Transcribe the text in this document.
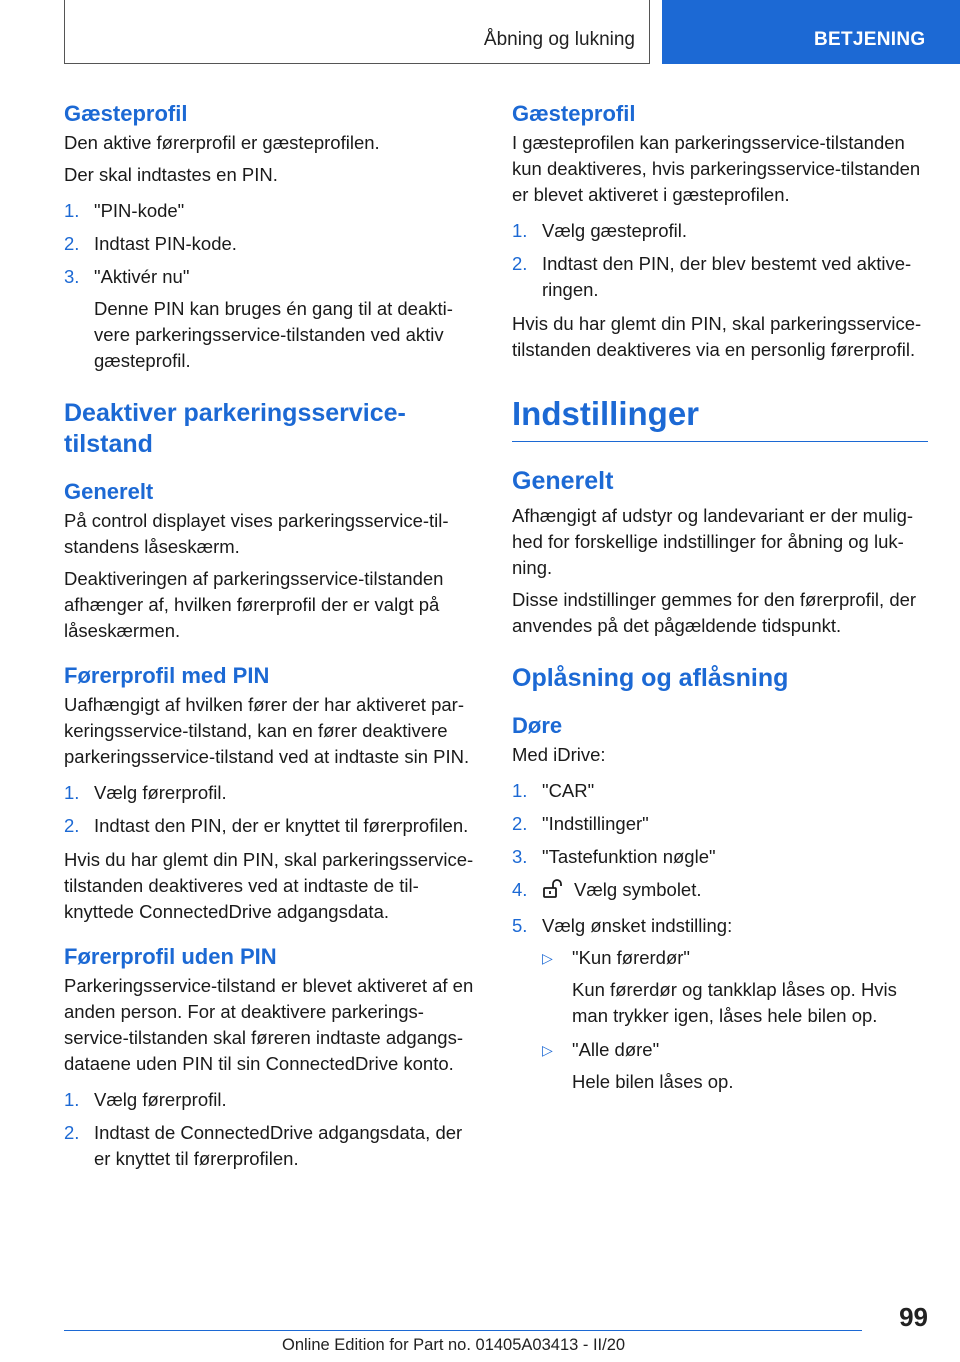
Åbning og lukning	BETJENING
Gæsteprofil

Den aktive førerprofil er gæsteprofilen.

Der skal indtastes en PIN.

1. "PIN-kode"
2. Indtast PIN-kode.
3. "Aktivér nu"
Denne PIN kan bruges én gang til at deaktivere parkeringsservice-tilstanden ved aktiv gæsteprofil.
Deaktiver parkeringsservice-tilstand
Generelt

På control displayet vises parkeringsservice-tilstandens låseskærm.

Deaktiveringen af parkeringsservice-tilstanden afhænger af, hvilken førerprofil der er valgt på låseskærmen.

Førerprofil med PIN

Uafhængigt af hvilken fører der har aktiveret parkeringsservice-tilstand, kan en fører deaktivere parkeringsservice-tilstand ved at indtaste sin PIN.

1. Vælg førerprofil.
2. Indtast den PIN, der er knyttet til førerprofilen.

Hvis du har glemt din PIN, skal parkeringsservice-tilstanden deaktiveres ved at indtaste de tilknyttede ConnectedDrive adgangsdata.

Førerprofil uden PIN

Parkeringsservice-tilstand er blevet aktiveret af en anden person. For at deaktivere parkeringsservice-tilstanden skal føreren indtaste adgangsdataene uden PIN til sin ConnectedDrive konto.

1. Vælg førerprofil.
2. Indtast de ConnectedDrive adgangsdata, der er knyttet til førerprofilen.
Gæsteprofil

I gæsteprofilen kan parkeringsservice-tilstanden kun deaktiveres, hvis parkeringsservice-tilstanden er blevet aktiveret i gæsteprofilen.

1. Vælg gæsteprofil.
2. Indtast den PIN, der blev bestemt ved aktiveringen.

Hvis du har glemt din PIN, skal parkeringsservice-tilstanden deaktiveres via en personlig førerprofil.

Indstillinger
Generelt

Afhængigt af udstyr og landevariant er der mulighed for forskellige indstillinger for åbning og lukning.

Disse indstillinger gemmes for den førerprofil, der anvendes på det pågældende tidspunkt.

Oplåsning og aflåsning
Døre

Med iDrive:

1. "CAR"
2. "Indstillinger"
3. "Tastefunktion nøgle"
4.	Vælg symbolet.
5. Vælg ønsket indstilling:
▷ "Kun førerdør"
Kun førerdør og tankklap låses op. Hvis man trykker igen, låses hele bilen op.
▷ "Alle døre"
Hele bilen låses op.
99
Online Edition for Part no. 01405A03413 - II/20
